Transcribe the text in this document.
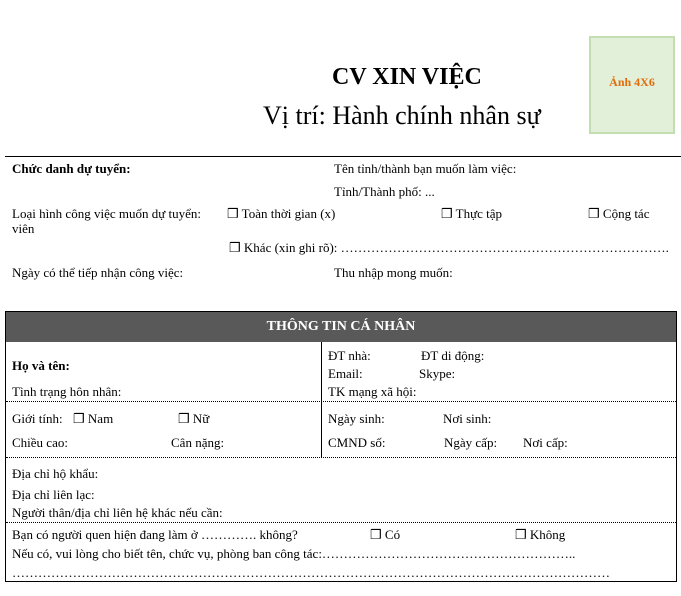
CV XIN VIỆC
Vị trí: Hành chính nhân sự
Ảnh 4X6
Chức danh dự tuyển:	Tên tỉnh/thành bạn muốn làm việc:
Tỉnh/Thành phố: ...
Loại hình công việc muốn dự tuyển: ❒ Toàn thời gian (x)	❒ Thực tập	❒ Cộng tác
viên
❒ Khác (xin ghi rõ): ………………………………………………………………….
Ngày có thể tiếp nhận công việc:	Thu nhập mong muốn:
THÔNG TIN CÁ NHÂN
Họ và tên:
Tình trạng hôn nhân:
ĐT nhà:	ĐT di động:
Email:	Skype:
TK mạng xã hội:
Giới tính: ❒ Nam	❒ Nữ
Chiều cao:	Cân nặng:
Ngày sinh:	Nơi sinh:
CMND số:	Ngày cấp: Nơi cấp:
Địa chỉ hộ khẩu:
Địa chỉ liên lạc:
Người thân/địa chỉ liên hệ khác nếu cần:
Bạn có người quen hiện đang làm ở …………. không?	❒ Có	❒ Không
Nếu có, vui lòng cho biết tên, chức vụ, phòng ban công tác:…………………………………………………..
…………………………………………………………………………………………………………………………
